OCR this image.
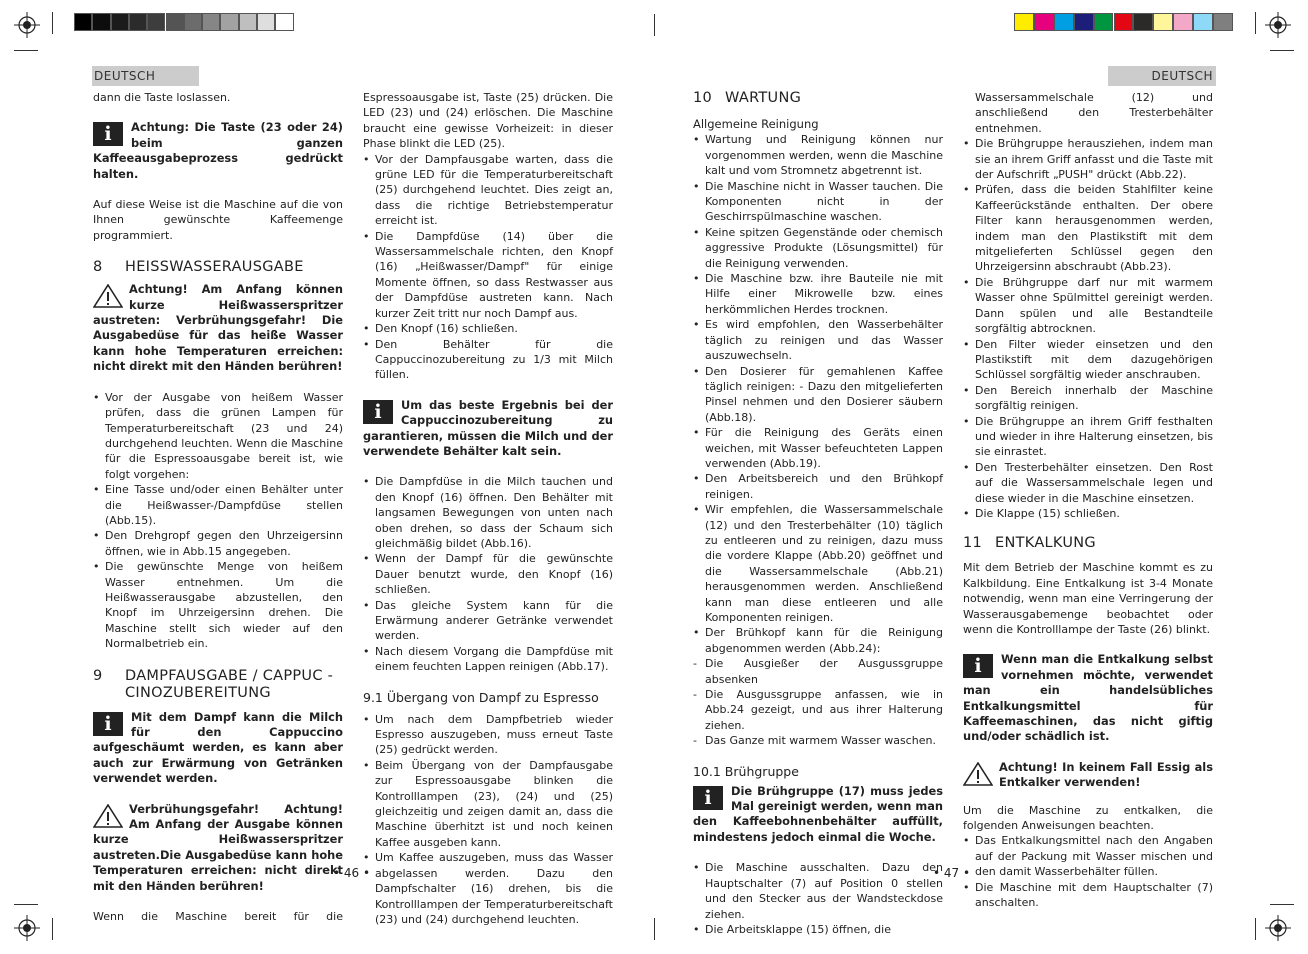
DEUTSCH	DEUTSCH

dann die Taste loslassen.

i	Achtung: Die Taste (23 oder 24) beim ganzen Kaffeeausgabeprozess gedrückt halten.

Auf diese Weise ist die Maschine auf die von Ihnen gewünschte Kaffeemenge programmiert.

8 HEISSWASSERAUSGABE
Achtung! Am Anfang können kurze Heißwasserspritzer austreten: Verbrühungsgefahr! Die Ausgabedüse für das heiße Wasser kann hohe Temperaturen erreichen: nicht direkt mit den Händen berühren!
• Vor der Ausgabe von heißem Wasser prüfen, dass die grünen Lampen für Temperaturbereitschaft (23 und 24) durchgehend leuchten. Wenn die Maschine für die Espressoausgabe bereit ist, wie folgt vorgehen:
• Eine Tasse und/oder einen Behälter unter die Heißwasser-/Dampfdüse stellen (Abb.15).
• Den Drehgropf gegen den Uhrzeigersinn öffnen, wie in Abb.15 angegeben.
• Die gewünschte Menge von heißem Wasser entnehmen. Um die Heißwasserausgabe abzustellen, den Knopf im Uhrzeigersinn drehen. Die Maschine stellt sich wieder auf den Normalbetrieb ein.
9	DAMPFAUSGABE / CAPPUC - CINOZUBEREITUNG
i	Mit dem Dampf kann die Milch für den Cappuccino aufgeschäumt werden, es kann aber auch zur Erwärmung von Getränken verwendet werden.
Verbrühungsgefahr! Achtung! Am Anfang der Ausgabe können kurze Heißwasserspritzer austreten.Die Ausgabedüse kann hohe Temperaturen erreichen: nicht direkt mit den Händen berühren!

Wenn die Maschine bereit für die

Espressoausgabe ist, Taste (25) drücken. Die LED (23) und (24) erlöschen. Die Maschine braucht eine gewisse Vorheizeit: in dieser Phase blinkt die LED (25).

• Vor der Dampfausgabe warten, dass die grüne LED für die Temperaturbereitschaft (25) durchgehend leuchtet. Dies zeigt an, dass die richtige Betriebstemperatur erreicht ist.
• Die Dampfdüse (14) über die Wassersammelschale richten, den Knopf (16) „Heißwasser/Dampf" für einige Momente öffnen, so dass Restwasser aus der Dampfdüse austreten kann. Nach kurzer Zeit tritt nur noch Dampf aus.
• Den Knopf (16) schließen.
• Den Behälter für die Cappuccinozubereitung zu 1/3 mit Milch füllen.
i	Um das beste Ergebnis bei der Cappuccinozubereitung zu garantieren, müssen die Milch und der verwendete Behälter kalt sein.
• Die Dampfdüse in die Milch tauchen und den Knopf (16) öffnen. Den Behälter mit langsamen Bewegungen von unten nach oben drehen, so dass der Schaum sich gleichmäßig bildet (Abb.16).
• Wenn der Dampf für die gewünschte Dauer benutzt wurde, den Knopf (16) schließen.
• Das gleiche System kann für die Erwärmung anderer Getränke verwendet werden.
• Nach diesem Vorgang die Dampfdüse mit einem feuchten Lappen reinigen (Abb.17).
9.1 Übergang von Dampf zu Espresso
• Um nach dem Dampfbetrieb wieder Espresso auszugeben, muss erneut Taste (25) gedrückt werden.
• Beim Übergang von der Dampfausgabe zur Espressoausgabe blinken die Kontrolllampen (23), (24) und (25) gleichzeitig und zeigen damit an, dass die Maschine überhitzt ist und noch keinen Kaffee ausgeben kann.
• Um Kaffee auszugeben, muss das Wasser abgelassen werden. Dazu den Dampfschalter (16) drehen, bis die Kontrolllampen der Temperaturbereitschaft (23) und (24) durchgehend leuchten.
• 46 •
10 WARTUNG
Allgemeine Reinigung
• Wartung und Reinigung können nur vorgenommen werden, wenn die Maschine kalt und vom Stromnetz abgetrennt ist.
• Die Maschine nicht in Wasser tauchen. Die Komponenten nicht in der Geschirrspülmaschine waschen.
• Keine spitzen Gegenstände oder chemisch aggressive Produkte (Lösungsmittel) für die Reinigung verwenden.
• Die Maschine bzw. ihre Bauteile nie mit Hilfe einer Mikrowelle bzw. eines herkömmlichen Herdes trocknen.
• Es wird empfohlen, den Wasserbehälter täglich zu reinigen und das Wasser auszuwechseln.
• Den Dosierer für gemahlenen Kaffee täglich reinigen: - Dazu den mitgelieferten Pinsel nehmen und den Dosierer säubern (Abb.18).
• Für die Reinigung des Geräts einen weichen, mit Wasser befeuchteten Lappen verwenden (Abb.19).
• Den Arbeitsbereich und den Brühkopf reinigen.
• Wir empfehlen, die Wassersammelschale (12) und den Tresterbehälter (10) täglich zu entleeren und zu reinigen, dazu muss die vordere Klappe (Abb.20) geöffnet und die Wassersammelschale (Abb.21) herausgenommen werden. Anschließend kann man diese entleeren und alle Komponenten reinigen.
• Der Brühkopf kann für die Reinigung abgenommen werden (Abb.24):
- Die Ausgießer der Ausgussgruppe absenken
- Die Ausgussgruppe anfassen, wie in Abb.24 gezeigt, und aus ihrer Halterung ziehen.
- Das Ganze mit warmem Wasser waschen.
10.1 Brühgruppe
i	Die Brühgruppe (17) muss jedes Mal gereinigt werden, wenn man den Kaffeebohnenbehälter auffüllt, mindestens jedoch einmal die Woche.
• Die Maschine ausschalten. Dazu den Hauptschalter (7) auf Position 0 stellen und den Stecker aus der Wandsteckdose ziehen.
• Die Arbeitsklappe (15) öffnen, die

Wassersammelschale (12) und anschließend den Tresterbehälter entnehmen.

• Die Brühgruppe herausziehen, indem man sie an ihrem Griff anfasst und die Taste mit der Aufschrift „PUSH" drückt (Abb.22).
• Prüfen, dass die beiden Stahlfilter keine Kaffeerückstände enthalten. Der obere Filter kann herausgenommen werden, indem man den Plastikstift mit dem mitgelieferten Schlüssel gegen den Uhrzeigersinn abschraubt (Abb.23).
• Die Brühgruppe darf nur mit warmem Wasser ohne Spülmittel gereinigt werden. Dann spülen und alle Bestandteile sorgfältig abtrocknen.
• Den Filter wieder einsetzen und den Plastikstift mit dem dazugehörigen Schlüssel sorgfältig wieder anschrauben.
• Den Bereich innerhalb der Maschine sorgfältig reinigen.
• Die Brühgruppe an ihrem Griff festhalten und wieder in ihre Halterung einsetzen, bis sie einrastet.
• Den Tresterbehälter einsetzen. Den Rost auf die Wassersammelschale legen und diese wieder in die Maschine einsetzen.
• Die Klappe (15) schließen.
11 ENTKALKUNG

Mit dem Betrieb der Maschine kommt es zu Kalkbildung. Eine Entkalkung ist 3-4 Monate notwendig, wenn man eine Verringerung der Wasserausgabemenge beobachtet oder wenn die Kontrolllampe der Taste (26) blinkt.

i	Wenn man die Entkalkung selbst vornehmen möchte, verwendet man ein handelsübliches Entkalkungsmittel für Kaffeemaschinen, das nicht giftig und/oder schädlich ist.
Achtung! In keinem Fall Essig als Entkalker verwenden!

Um die Maschine zu entkalken, die folgenden Anweisungen beachten.

• Das Entkalkungsmittel nach den Angaben auf der Packung mit Wasser mischen und den damit Wasserbehälter füllen.
• Die Maschine mit dem Hauptschalter (7) anschalten.
• 47 •
